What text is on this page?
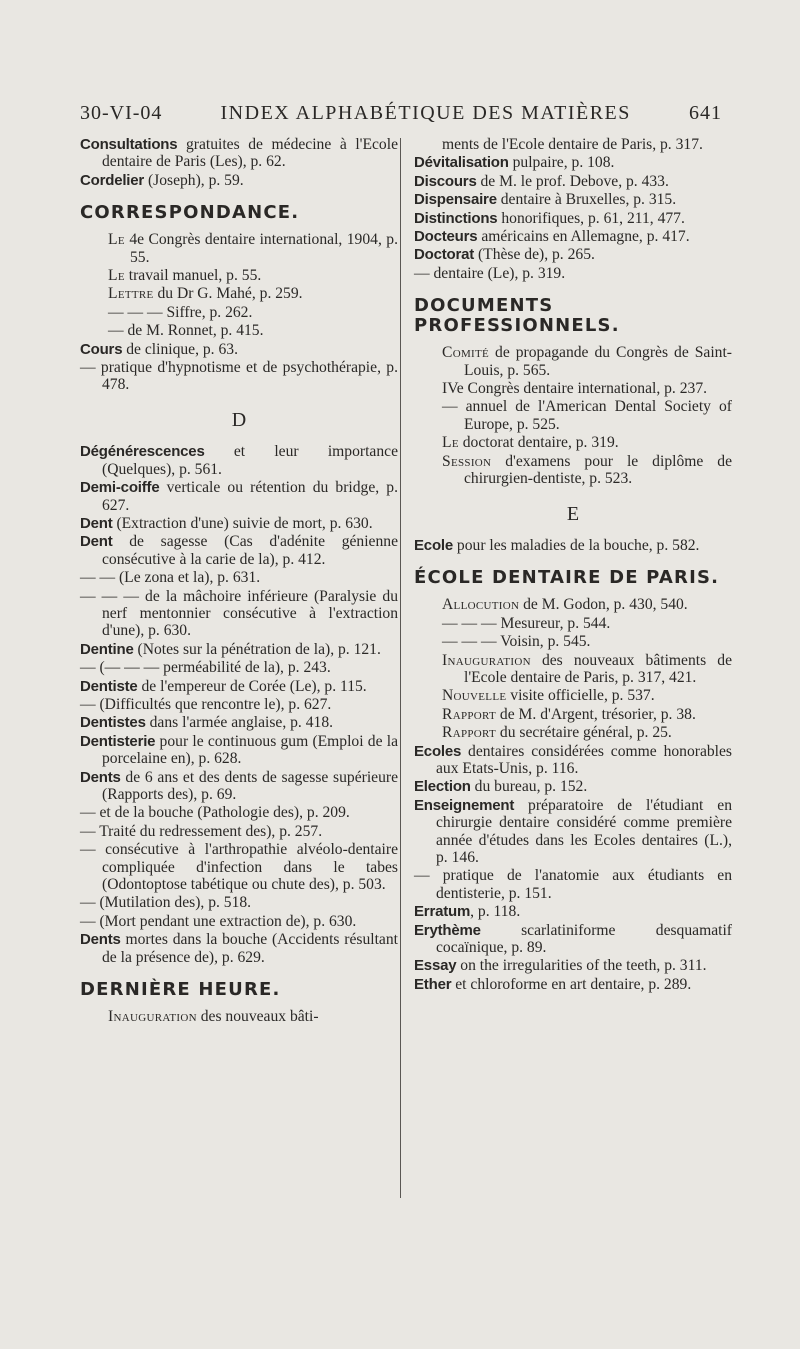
30-VI-04	INDEX ALPHABÉTIQUE DES MATIÈRES	641
Consultations gratuites de médecine à l'Ecole dentaire de Paris (Les), p. 62.
Cordelier (Joseph), p. 59.
CORRESPONDANCE.
Le 4e Congrès dentaire international, 1904, p. 55.
Le travail manuel, p. 55.
Lettre du Dr G. Mahé, p. 259.
— — — Siffre, p. 262.
— de M. Ronnet, p. 415.
Cours de clinique, p. 63.
— pratique d'hypnotisme et de psychothérapie, p. 478.
D
Dégénérescences et leur importance (Quelques), p. 561.
Demi-coiffe verticale ou rétention du bridge, p. 627.
Dent (Extraction d'une) suivie de mort, p. 630.
Dent de sagesse (Cas d'adénite génienne consécutive à la carie de la), p. 412.
— — (Le zona et la), p. 631.
— — — de la mâchoire inférieure (Paralysie du nerf mentonnier consécutive à l'extraction d'une), p. 630.
Dentine (Notes sur la pénétration de la), p. 121.
— (— — — perméabilité de la), p. 243.
Dentiste de l'empereur de Corée (Le), p. 115.
— (Difficultés que rencontre le), p. 627.
Dentistes dans l'armée anglaise, p. 418.
Dentisterie pour le continuous gum (Emploi de la porcelaine en), p. 628.
Dents de 6 ans et des dents de sagesse supérieure (Rapports des), p. 69.
— et de la bouche (Pathologie des), p. 209.
— Traité du redressement des), p. 257.
— consécutive à l'arthropathie alvéolo-dentaire compliquée d'infection dans le tabes (Odontoptose tabétique ou chute des), p. 503.
— (Mutilation des), p. 518.
— (Mort pendant une extraction de), p. 630.
Dents mortes dans la bouche (Accidents résultant de la présence de), p. 629.
DERNIÈRE HEURE.
Inauguration des nouveaux bâti-
ments de l'Ecole dentaire de Paris, p. 317.
Dévitalisation pulpaire, p. 108.
Discours de M. le prof. Debove, p. 433.
Dispensaire dentaire à Bruxelles, p. 315.
Distinctions honorifiques, p. 61, 211, 477.
Docteurs américains en Allemagne, p. 417.
Doctorat (Thèse de), p. 265.
— dentaire (Le), p. 319.
DOCUMENTS PROFESSIONNELS.
Comité de propagande du Congrès de Saint-Louis, p. 565.
IVe Congrès dentaire international, p. 237.
— annuel de l'American Dental Society of Europe, p. 525.
Le doctorat dentaire, p. 319.
Session d'examens pour le diplôme de chirurgien-dentiste, p. 523.
E
Ecole pour les maladies de la bouche, p. 582.
ÉCOLE DENTAIRE DE PARIS.
Allocution de M. Godon, p. 430, 540.
— — — Mesureur, p. 544.
— — — Voisin, p. 545.
Inauguration des nouveaux bâtiments de l'Ecole dentaire de Paris, p. 317, 421.
Nouvelle visite officielle, p. 537.
Rapport de M. d'Argent, trésorier, p. 38.
Rapport du secrétaire général, p. 25.
Ecoles dentaires considérées comme honorables aux Etats-Unis, p. 116.
Election du bureau, p. 152.
Enseignement préparatoire de l'étudiant en chirurgie dentaire considéré comme première année d'études dans les Ecoles dentaires (L.), p. 146.
— pratique de l'anatomie aux étudiants en dentisterie, p. 151.
Erratum, p. 118.
Erythème scarlatiniforme desquamatif cocaïnique, p. 89.
Essay on the irregularities of the teeth, p. 311.
Ether et chloroforme en art dentaire, p. 289.
